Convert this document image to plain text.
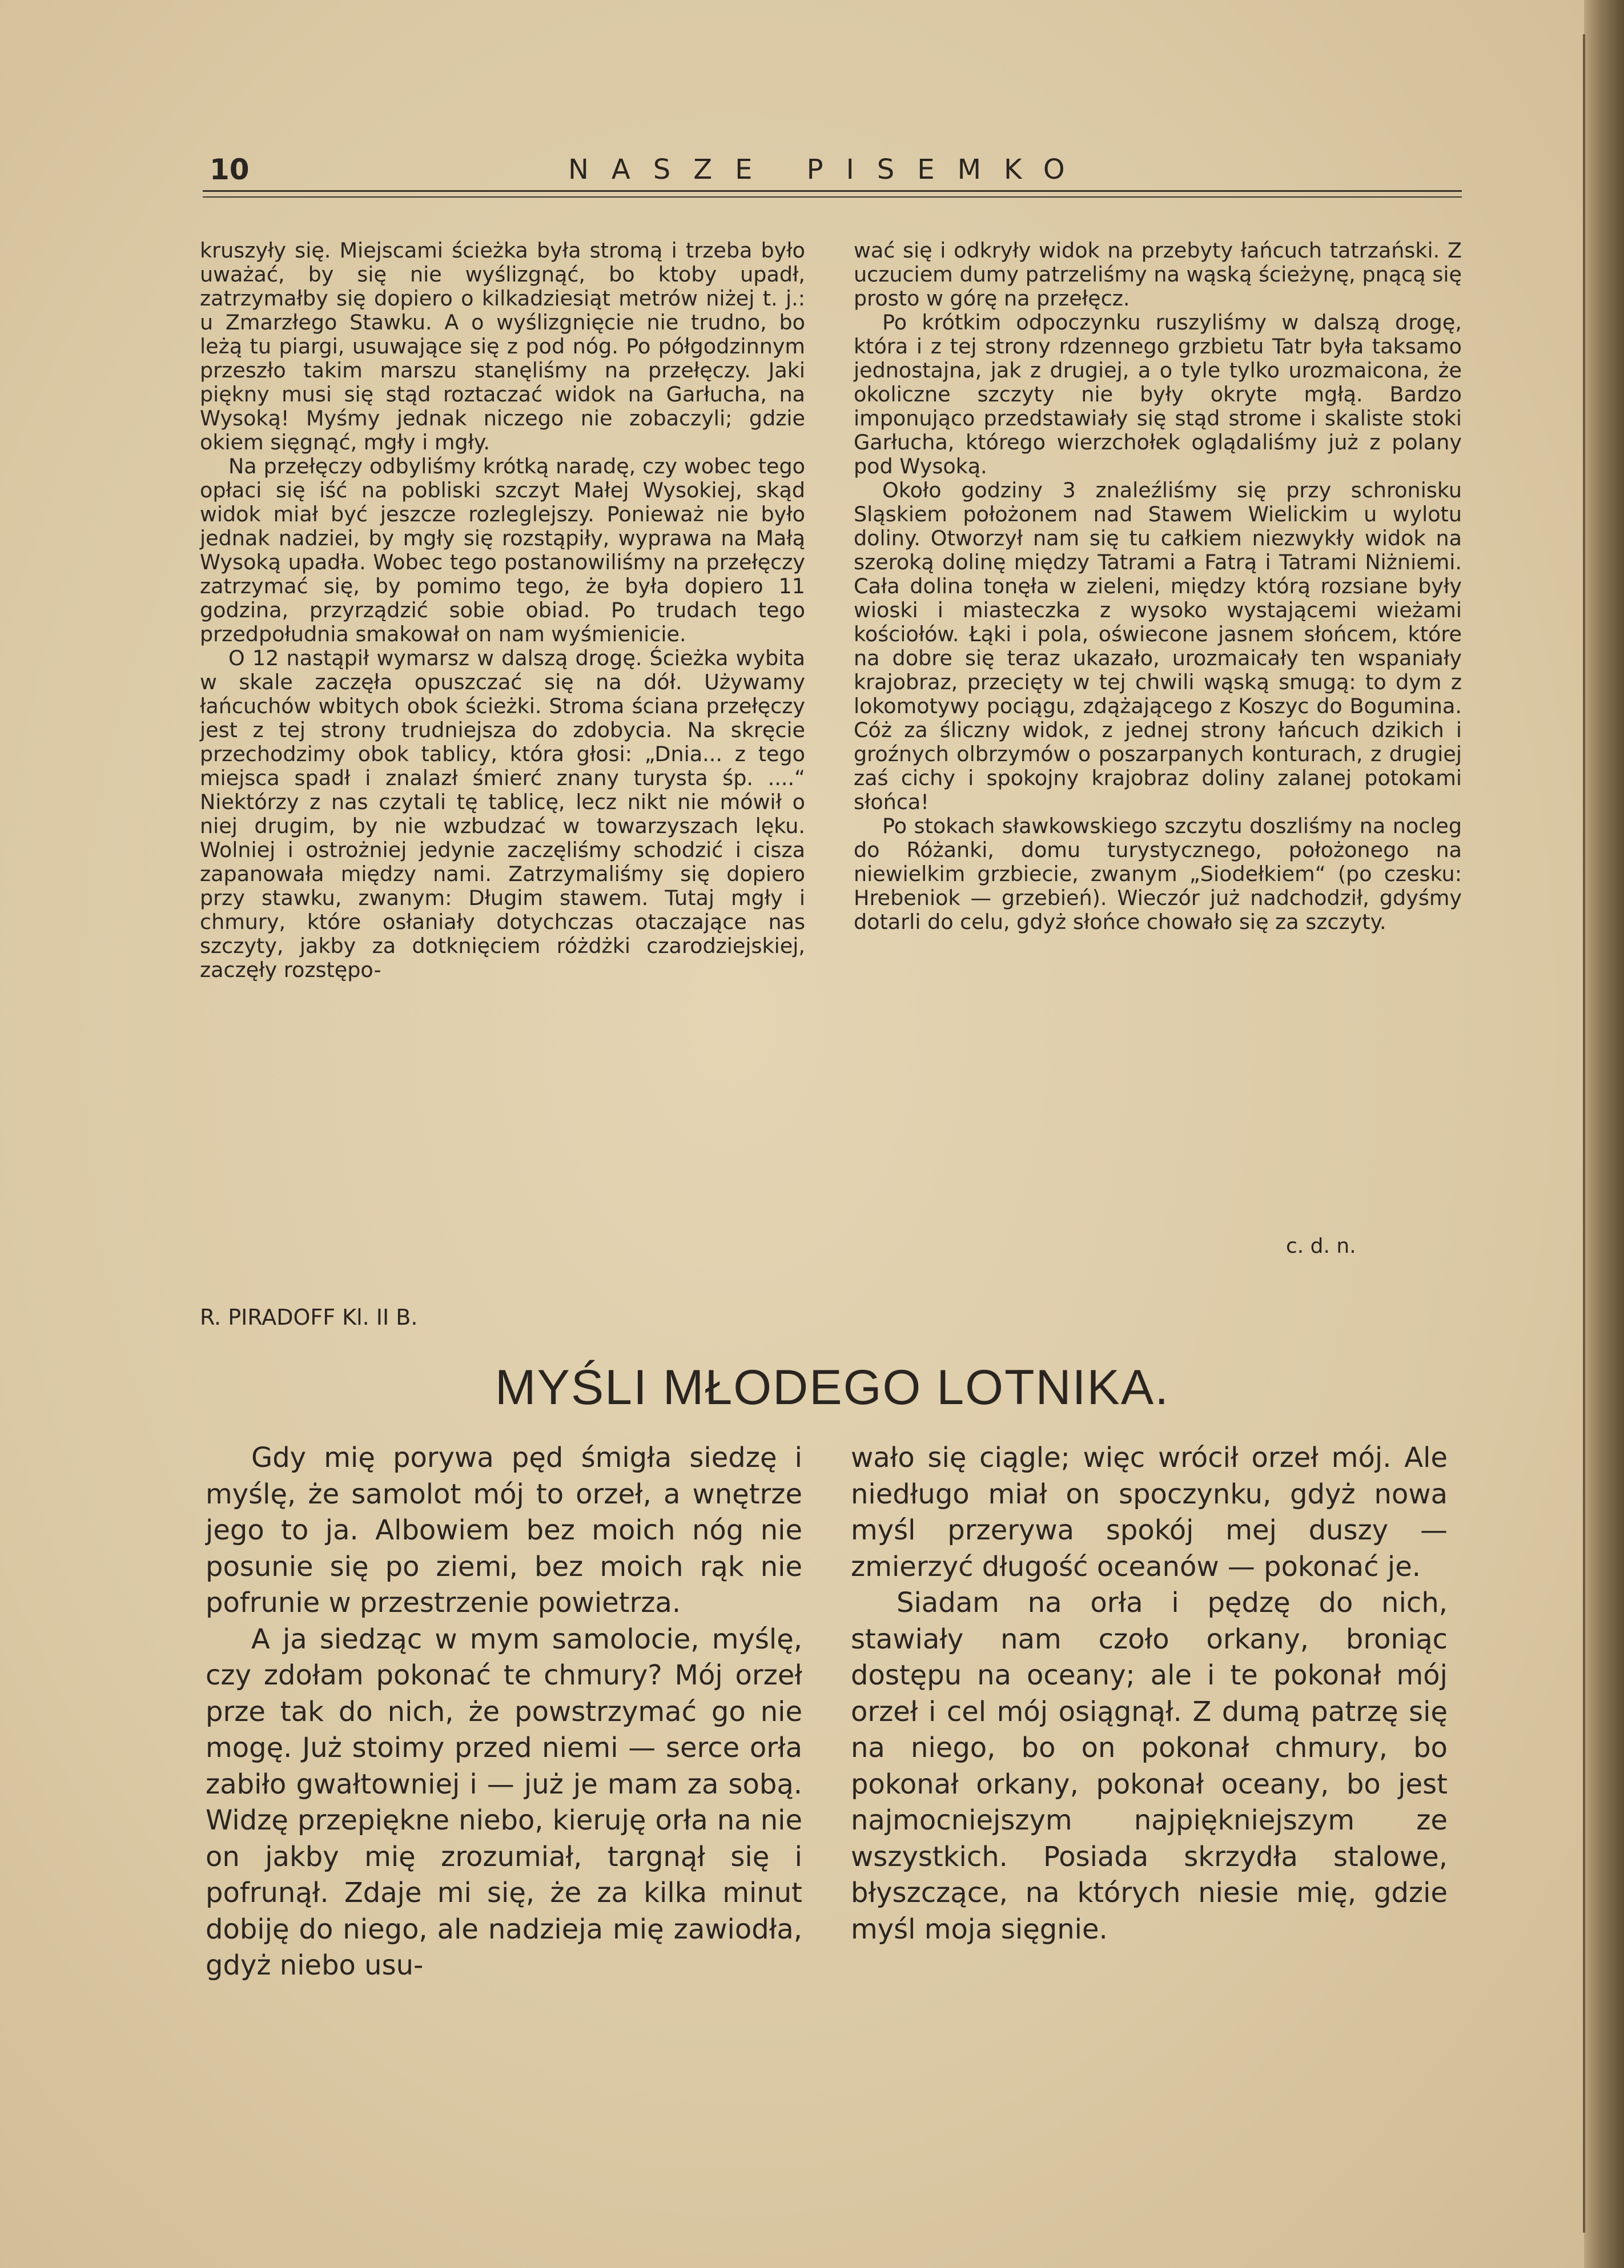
10	NASZE PISEMKO

kruszyły się. Miejscami ścieżka była stromą i trzeba było uważać, by się nie wyślizgnąć, bo ktoby upadł, zatrzymałby się dopiero o kilkadziesiąt metrów niżej t. j.: u Zmarzłego Stawku. A o wyślizgnięcie nie trudno, bo leżą tu piargi, usuwające się z pod nóg. Po półgodzinnym przeszło takim marszu stanęliśmy na przełęczy. Jaki piękny musi się stąd roztaczać widok na Garłucha, na Wysoką! Myśmy jednak niczego nie zobaczyli; gdzie okiem sięgnąć, mgły i mgły.

Na przełęczy odbyliśmy krótką naradę, czy wobec tego opłaci się iść na pobliski szczyt Małej Wysokiej, skąd widok miał być jeszcze rozleglejszy. Ponieważ nie było jednak nadziei, by mgły się rozstąpiły, wyprawa na Małą Wysoką upadła. Wobec tego postanowiliśmy na przełęczy zatrzymać się, by pomimo tego, że była dopiero 11 godzina, przyrządzić sobie obiad. Po trudach tego przedpołudnia smakował on nam wyśmienicie.

O 12 nastąpił wymarsz w dalszą drogę. Ścieżka wybita w skale zaczęła opuszczać się na dół. Używamy łańcuchów wbitych obok ścieżki. Stroma ściana przełęczy jest z tej strony trudniejsza do zdobycia. Na skręcie przechodzimy obok tablicy, która głosi: „Dnia... z tego miejsca spadł i znalazł śmierć znany turysta śp. ....“ Niektórzy z nas czytali tę tablicę, lecz nikt nie mówił o niej drugim, by nie wzbudzać w towarzyszach lęku. Wolniej i ostrożniej jedynie zaczęliśmy schodzić i cisza zapanowała między nami. Zatrzymaliśmy się dopiero przy stawku, zwanym: Długim stawem. Tutaj mgły i chmury, które osłaniały dotychczas otaczające nas szczyty, jakby za dotknięciem różdżki czarodziejskiej, zaczęły rozstępo-

wać się i odkryły widok na przebyty łańcuch tatrzański. Z uczuciem dumy patrzeliśmy na wąską ścieżynę, pnącą się prosto w górę na przełęcz.

Po krótkim odpoczynku ruszyliśmy w dalszą drogę, która i z tej strony rdzennego grzbietu Tatr była taksamo jednostajna, jak z drugiej, a o tyle tylko urozmaicona, że okoliczne szczyty nie były okryte mgłą. Bardzo imponująco przedstawiały się stąd strome i skaliste stoki Garłucha, którego wierzchołek oglądaliśmy już z polany pod Wysoką.

Około godziny 3 znaleźliśmy się przy schronisku Sląskiem położonem nad Stawem Wielickim u wylotu doliny. Otworzył nam się tu całkiem niezwykły widok na szeroką dolinę między Tatrami a Fatrą i Tatrami Niżniemi. Cała dolina tonęła w zieleni, między którą rozsiane były wioski i miasteczka z wysoko wystającemi wieżami kościołów. Łąki i pola, oświecone jasnem słońcem, które na dobre się teraz ukazało, urozmaicały ten wspaniały krajobraz, przecięty w tej chwili wąską smugą: to dym z lokomotywy pociągu, zdążającego z Koszyc do Bogumina. Cóż za śliczny widok, z jednej strony łańcuch dzikich i groźnych olbrzymów o poszarpanych konturach, z drugiej zaś cichy i spokojny krajobraz doliny zalanej potokami słońca!

Po stokach sławkowskiego szczytu doszliśmy na nocleg do Różanki, domu turystycznego, położonego na niewielkim grzbiecie, zwanym „Siodełkiem“ (po czesku: Hrebeniok — grzebień). Wieczór już nadchodził, gdyśmy dotarli do celu, gdyż słońce chowało się za szczyty.

c. d. n.
R. PIRADOFF Kl. II B.
MYŚLI MŁODEGO LOTNIKA.

Gdy mię porywa pęd śmigła siedzę i myślę, że samolot mój to orzeł, a wnętrze jego to ja. Albowiem bez moich nóg nie posunie się po ziemi, bez moich rąk nie pofrunie w przestrzenie powietrza.

A ja siedząc w mym samolocie, myślę, czy zdołam pokonać te chmury? Mój orzeł prze tak do nich, że powstrzymać go nie mogę. Już stoimy przed niemi — serce orła zabiło gwałtowniej i — już je mam za sobą. Widzę przepiękne niebo, kieruję orła na nie on jakby mię zrozumiał, targnął się i pofrunął. Zdaje mi się, że za kilka minut dobiję do niego, ale nadzieja mię zawiodła, gdyż niebo usu-

wało się ciągle; więc wrócił orzeł mój. Ale niedługo miał on spoczynku, gdyż nowa myśl przerywa spokój mej duszy — zmierzyć długość oceanów — pokonać je.

Siadam na orła i pędzę do nich, stawiały nam czoło orkany, broniąc dostępu na oceany; ale i te pokonał mój orzeł i cel mój osiągnął. Z dumą patrzę się na niego, bo on pokonał chmury, bo pokonał orkany, pokonał oceany, bo jest najmocniejszym najpiękniejszym ze wszystkich. Posiada skrzydła stalowe, błyszczące, na których niesie mię, gdzie myśl moja sięgnie.
